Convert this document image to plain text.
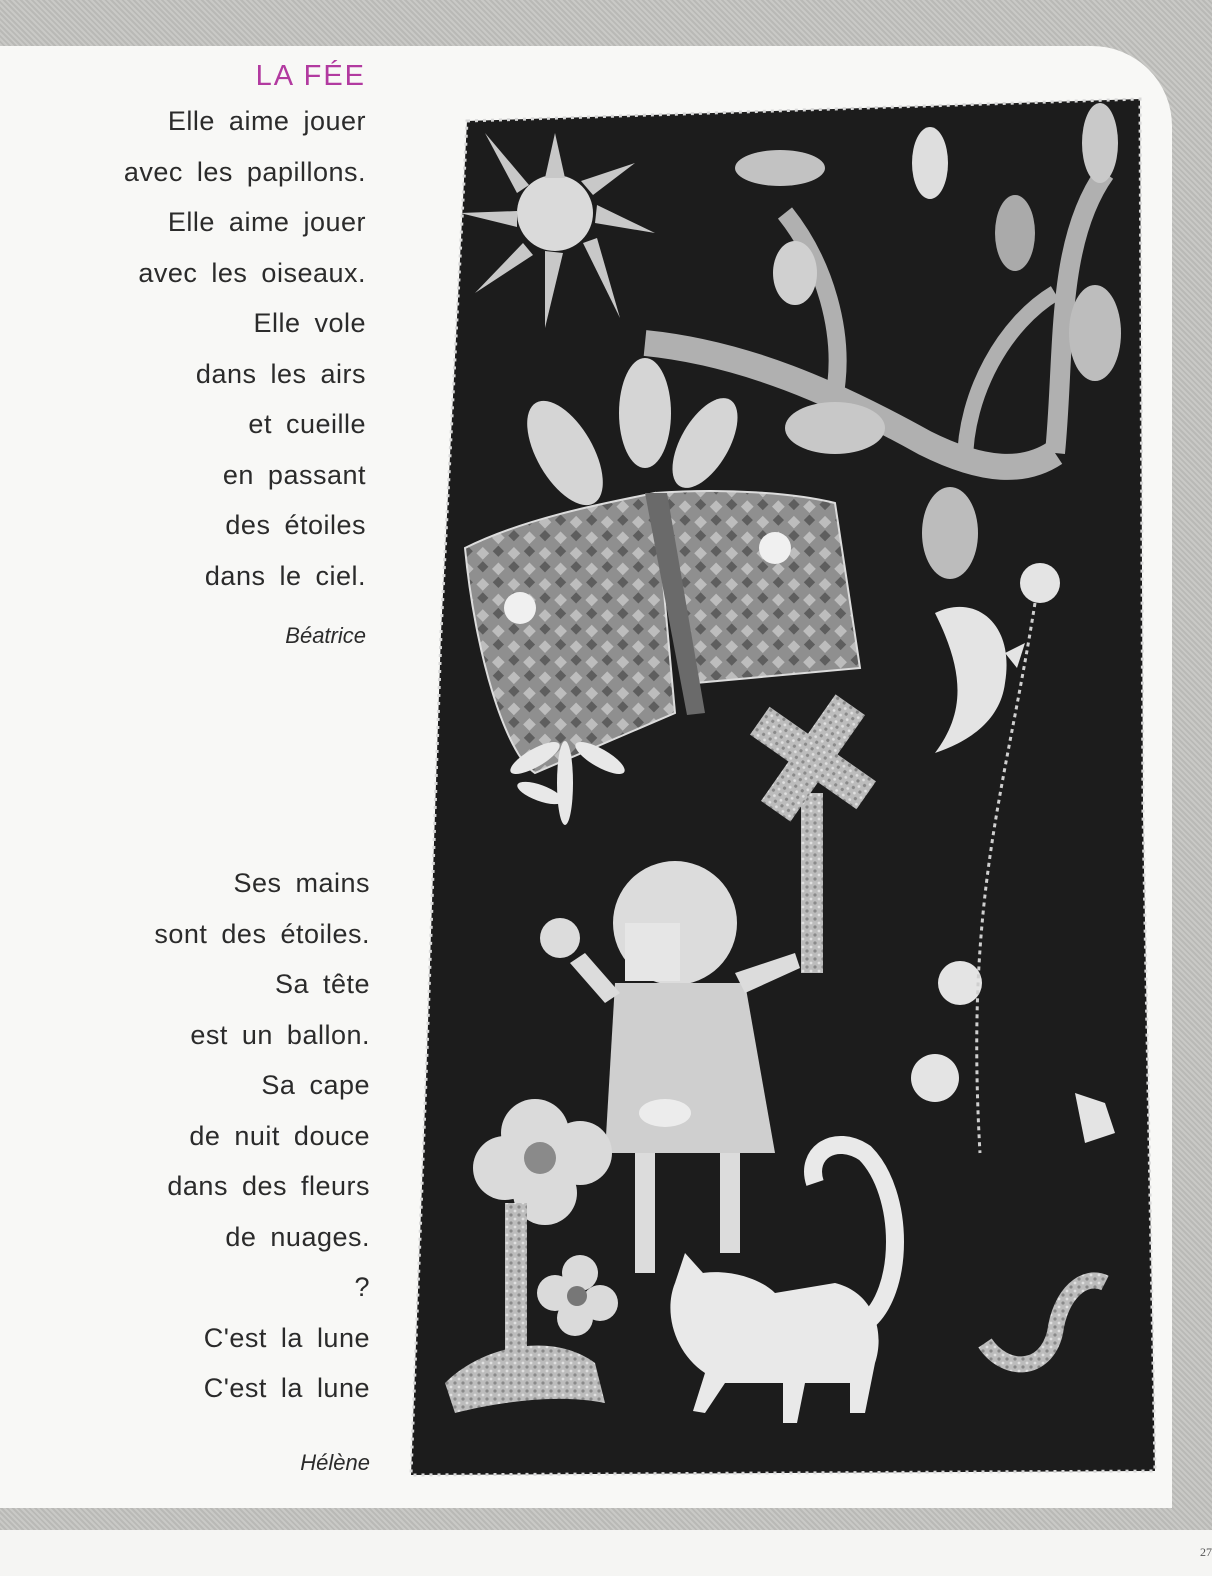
27
LA FÉE
Elle aime jouer
avec les papillons.
Elle aime jouer
avec les oiseaux.
Elle vole
dans les airs
et cueille
en passant
des étoiles
dans le ciel.
Béatrice
Ses mains
sont des étoiles.
Sa tête
est un ballon.
Sa cape
de nuit douce
dans des fleurs
de nuages.
?
C'est la lune
C'est la lune
Hélène
